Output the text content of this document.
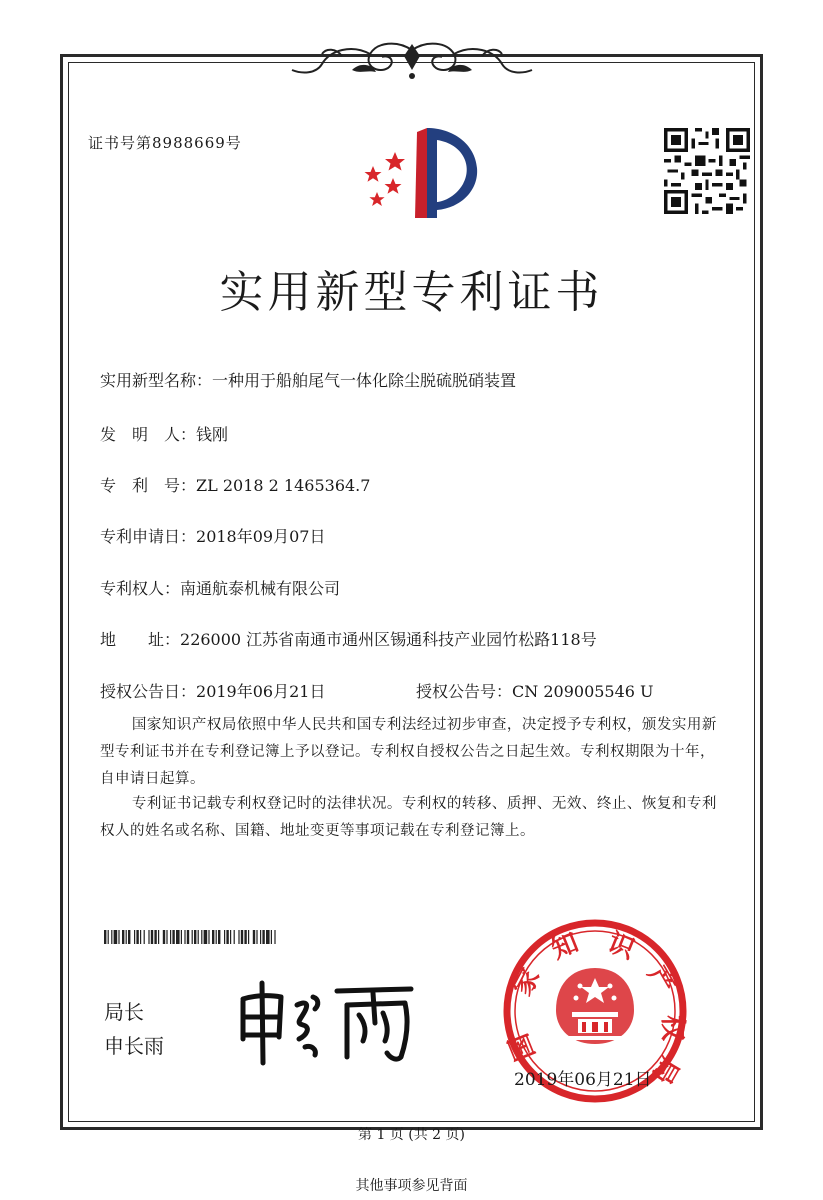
证书号第8988669号
实用新型专利证书
实用新型名称：一种用于船舶尾气一体化除尘脱硫脱硝装置
发　明　人：钱刚
专　利　号：ZL 2018 2 1465364.7
专利申请日：2018年09月07日
专利权人：南通航泰机械有限公司
地　　址：226000 江苏省南通市通州区锡通科技产业园竹松路118号
授权公告日：2019年06月21日	授权公告号：CN 209005546 U
国家知识产权局依照中华人民共和国专利法经过初步审查，决定授予专利权，颁发实用新型专利证书并在专利登记簿上予以登记。专利权自授权公告之日起生效。专利权期限为十年，自申请日起算。
专利证书记载专利权登记时的法律状况。专利权的转移、质押、无效、终止、恢复和专利权人的姓名或名称、国籍、地址变更等事项记载在专利登记簿上。
局长
申长雨	国
家
知 识
产
权
局
2019年06月21日
第 1 页 (共 2 页)
其他事项参见背面
